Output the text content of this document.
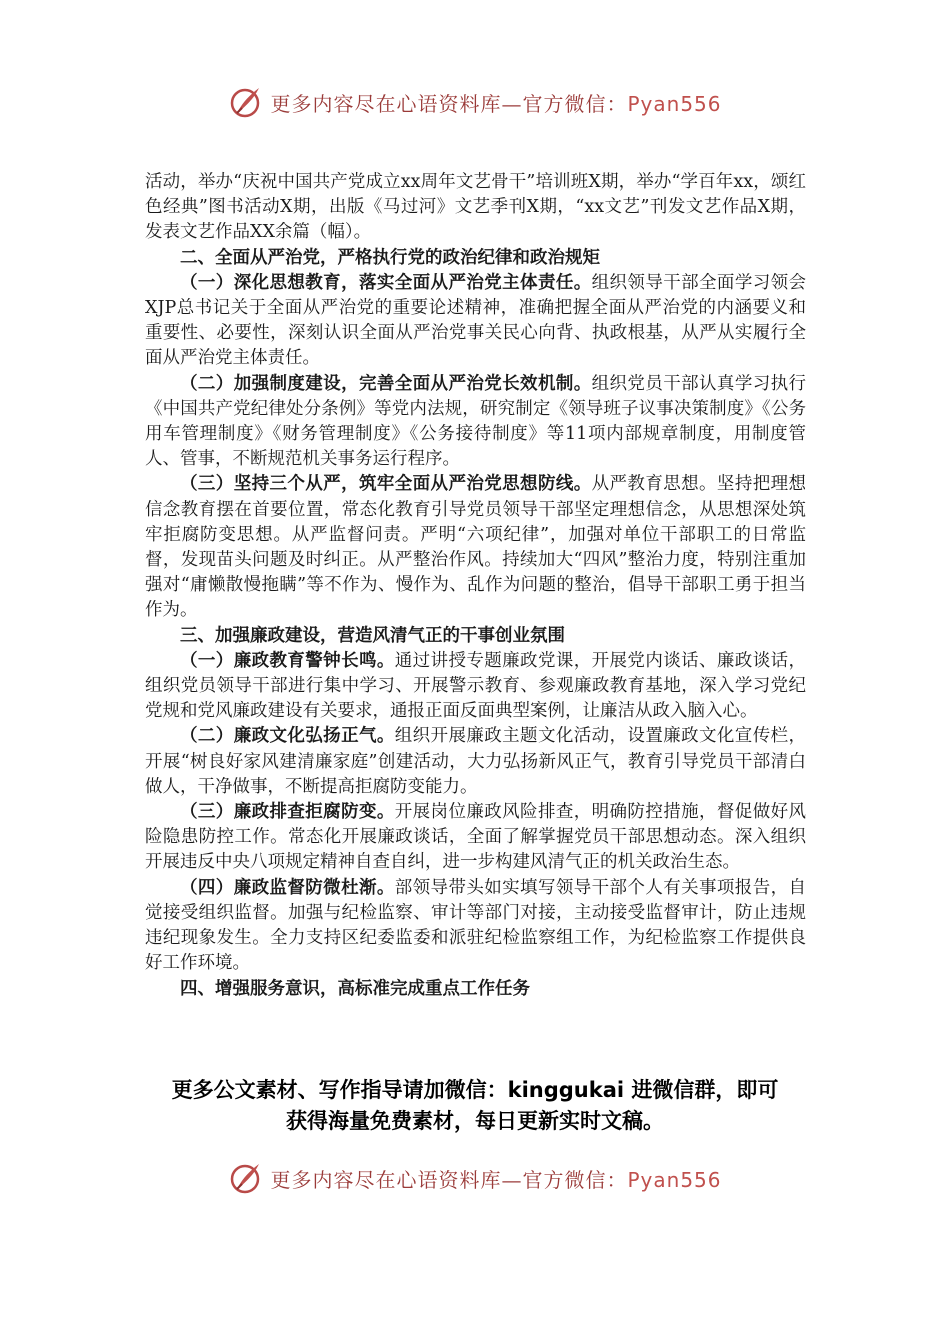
更多内容尽在心语资料库—官方微信：Pyan556

活动，举办“庆祝中国共产党成立xx周年文艺骨干”培训班X期，举办“学百年xx，颂红色经典”图书活动X期，出版《马过河》文艺季刊X期，“xx文艺”刊发文艺作品X期，发表文艺作品XX余篇（幅）。

二、全面从严治党，严格执行党的政治纪律和政治规矩

（一）深化思想教育，落实全面从严治党主体责任。组织领导干部全面学习领会XJP总书记关于全面从严治党的重要论述精神，准确把握全面从严治党的内涵要义和重要性、必要性，深刻认识全面从严治党事关民心向背、执政根基，从严从实履行全面从严治党主体责任。

（二）加强制度建设，完善全面从严治党长效机制。组织党员干部认真学习执行《中国共产党纪律处分条例》等党内法规，研究制定《领导班子议事决策制度》《公务用车管理制度》《财务管理制度》《公务接待制度》等11项内部规章制度，用制度管人、管事，不断规范机关事务运行程序。

（三）坚持三个从严，筑牢全面从严治党思想防线。从严教育思想。坚持把理想信念教育摆在首要位置，常态化教育引导党员领导干部坚定理想信念，从思想深处筑牢拒腐防变思想。从严监督问责。严明“六项纪律”，加强对单位干部职工的日常监督，发现苗头问题及时纠正。从严整治作风。持续加大“四风”整治力度，特别注重加强对“庸懒散慢拖瞒”等不作为、慢作为、乱作为问题的整治，倡导干部职工勇于担当作为。

三、加强廉政建设，营造风清气正的干事创业氛围

（一）廉政教育警钟长鸣。通过讲授专题廉政党课，开展党内谈话、廉政谈话，组织党员领导干部进行集中学习、开展警示教育、参观廉政教育基地，深入学习党纪党规和党风廉政建设有关要求，通报正面反面典型案例，让廉洁从政入脑入心。

（二）廉政文化弘扬正气。组织开展廉政主题文化活动，设置廉政文化宣传栏，开展“树良好家风建清廉家庭”创建活动，大力弘扬新风正气，教育引导党员干部清白做人，干净做事，不断提高拒腐防变能力。

（三）廉政排查拒腐防变。开展岗位廉政风险排查，明确防控措施，督促做好风险隐患防控工作。常态化开展廉政谈话，全面了解掌握党员干部思想动态。深入组织开展违反中央八项规定精神自查自纠，进一步构建风清气正的机关政治生态。

（四）廉政监督防微杜渐。部领导带头如实填写领导干部个人有关事项报告，自觉接受组织监督。加强与纪检监察、审计等部门对接，主动接受监督审计，防止违规违纪现象发生。全力支持区纪委监委和派驻纪检监察组工作，为纪检监察工作提供良好工作环境。

四、增强服务意识，高标准完成重点工作任务

更多公文素材、写作指导请加微信：kinggukai 进微信群，即可
获得海量免费素材，每日更新实时文稿。
更多内容尽在心语资料库—官方微信：Pyan556
